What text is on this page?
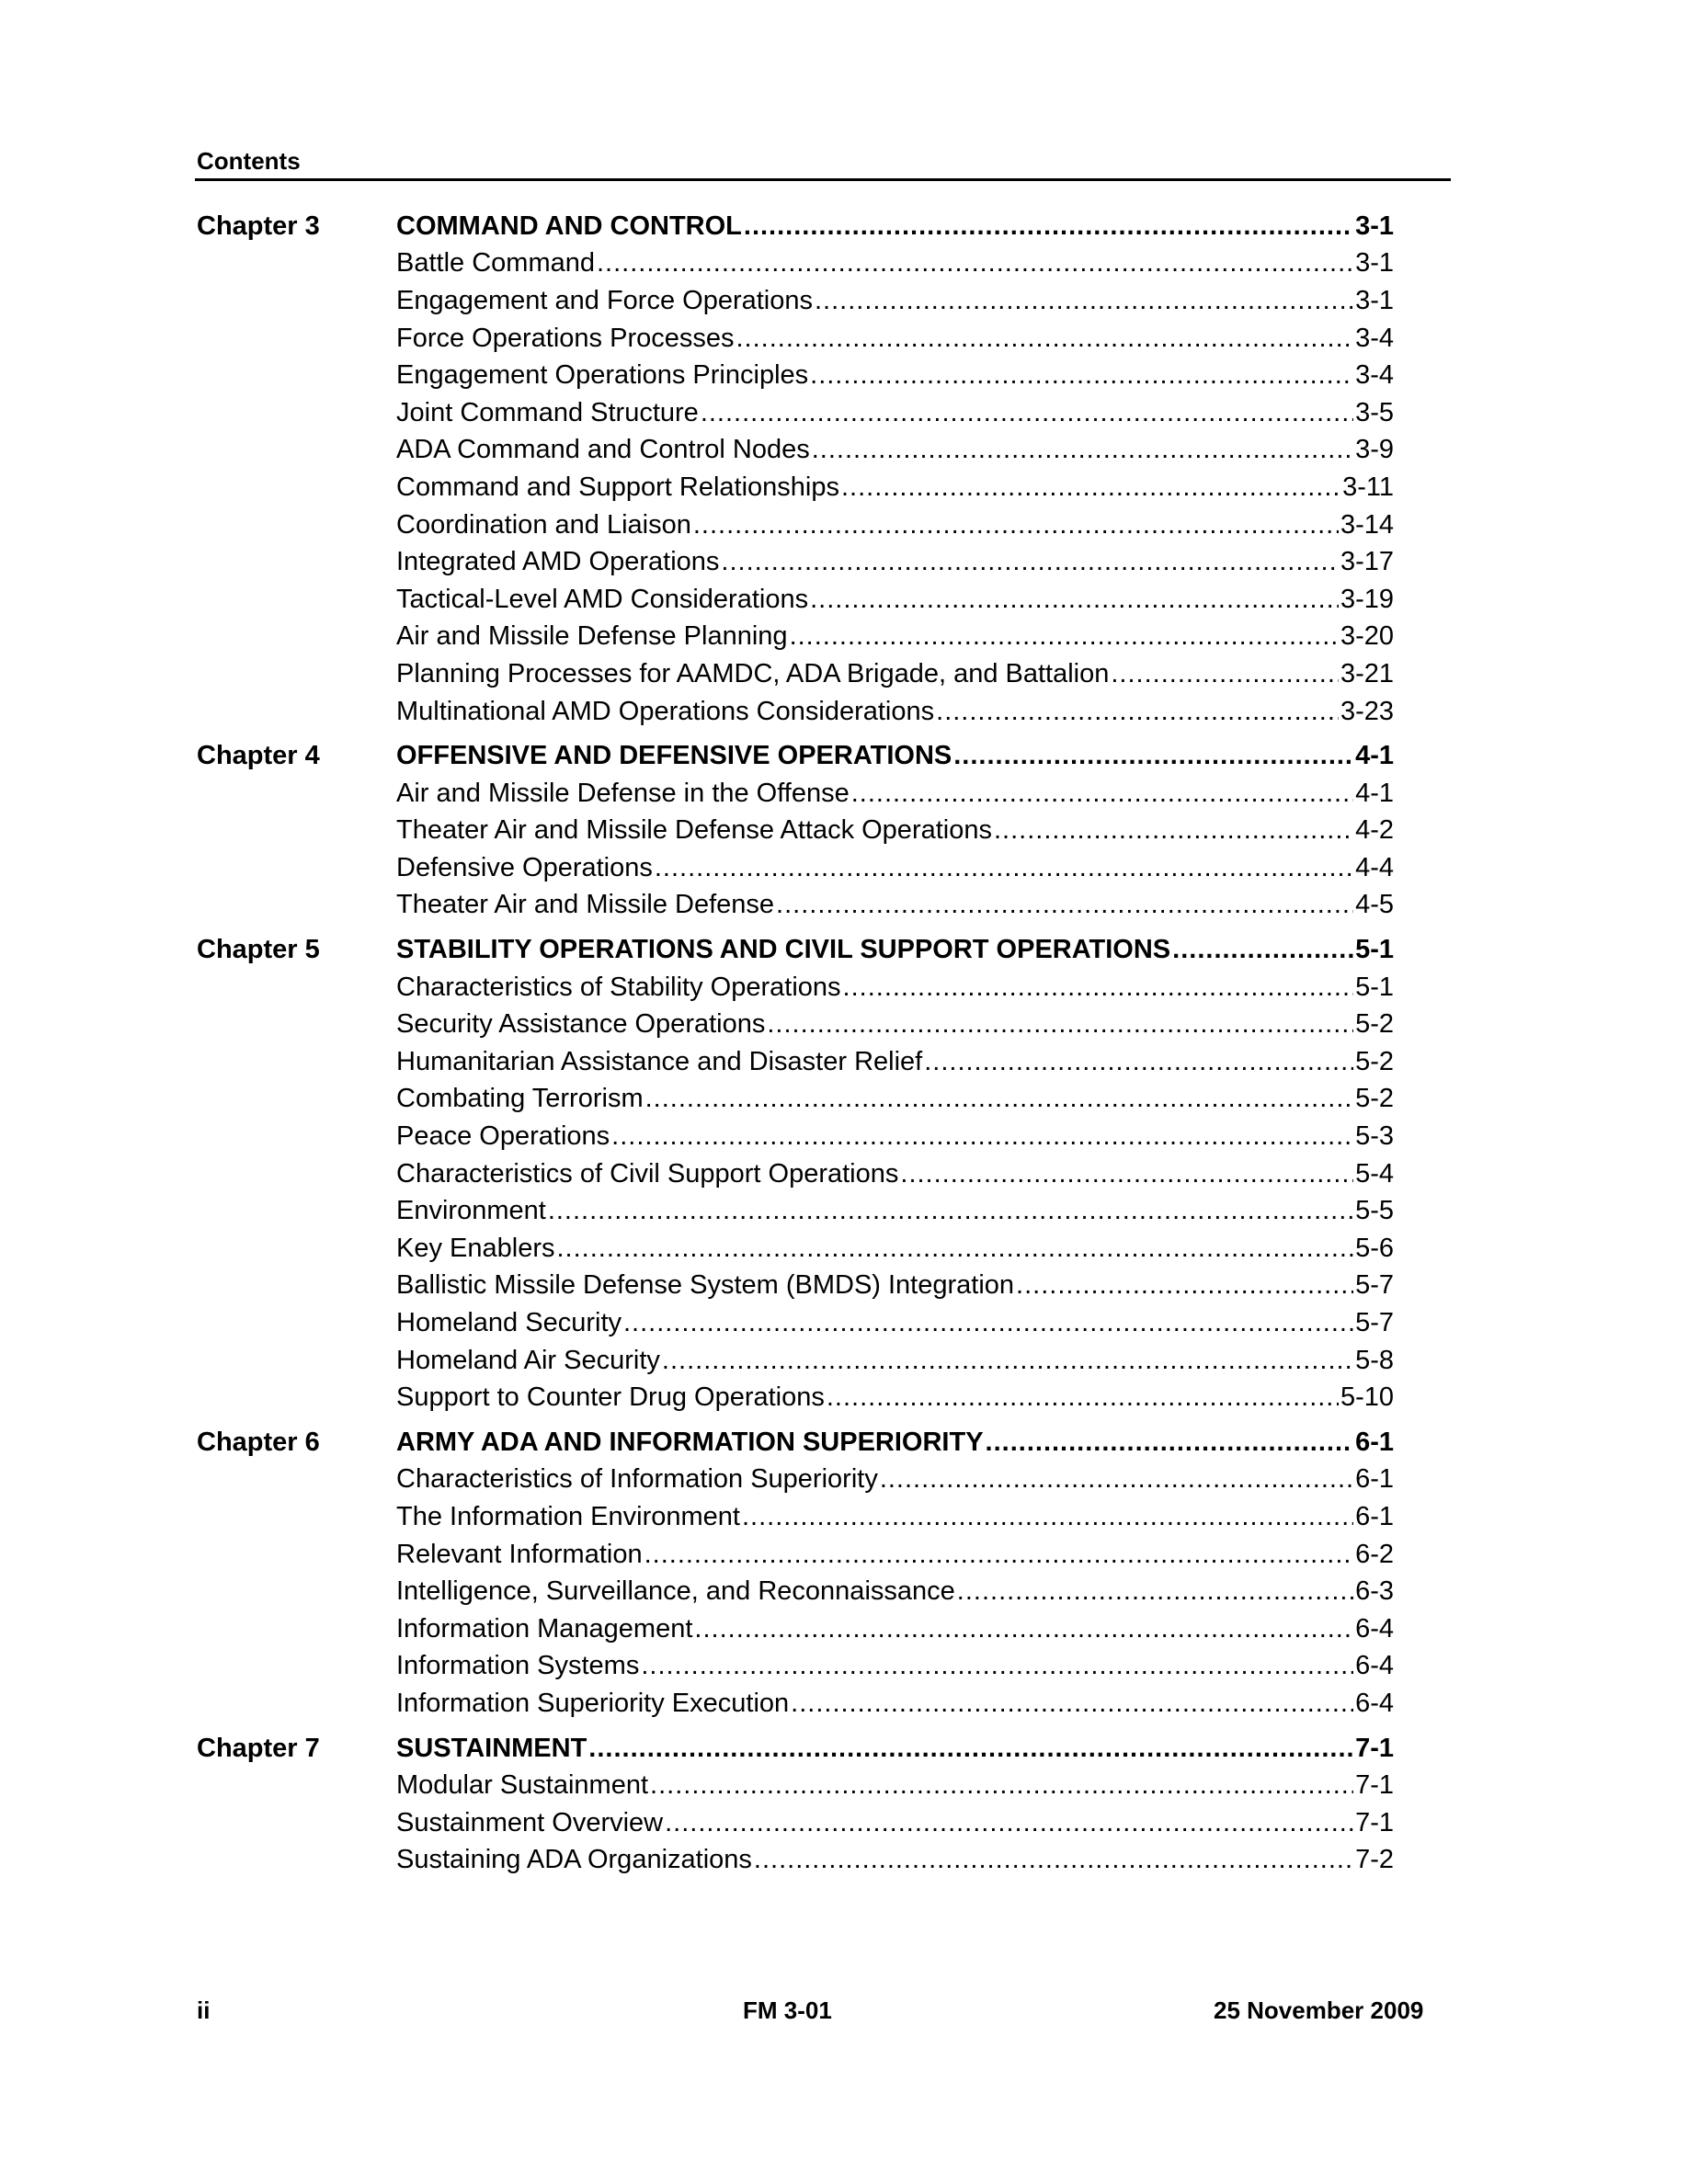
Contents
Chapter 3	COMMAND AND CONTROL .....	3-1
Battle Command .....	3-1
Engagement and Force Operations .....	3-1
Force Operations Processes .....	3-4
Engagement Operations Principles .....	3-4
Joint Command Structure .....	3-5
ADA Command and Control Nodes .....	3-9
Command and Support Relationships .....	3-11
Coordination and Liaison .....	3-14
Integrated AMD Operations .....	3-17
Tactical-Level AMD Considerations .....	3-19
Air and Missile Defense Planning .....	3-20
Planning Processes for AAMDC, ADA Brigade, and Battalion .....	3-21
Multinational AMD Operations Considerations .....	3-23
Chapter 4	OFFENSIVE AND DEFENSIVE OPERATIONS .....	4-1
Air and Missile Defense in the Offense .....	4-1
Theater Air and Missile Defense Attack Operations .....	4-2
Defensive Operations .....	4-4
Theater Air and Missile Defense .....	4-5
Chapter 5	STABILITY OPERATIONS AND CIVIL SUPPORT OPERATIONS .....	5-1
Characteristics of Stability Operations .....	5-1
Security Assistance Operations .....	5-2
Humanitarian Assistance and Disaster Relief .....	5-2
Combating Terrorism .....	5-2
Peace Operations .....	5-3
Characteristics of Civil Support Operations .....	5-4
Environment .....	5-5
Key Enablers .....	5-6
Ballistic Missile Defense System (BMDS) Integration .....	5-7
Homeland Security .....	5-7
Homeland Air Security .....	5-8
Support to Counter Drug Operations .....	5-10
Chapter 6	ARMY ADA AND INFORMATION SUPERIORITY .....	6-1
Characteristics of Information Superiority .....	6-1
The Information Environment .....	6-1
Relevant Information .....	6-2
Intelligence, Surveillance, and Reconnaissance .....	6-3
Information Management .....	6-4
Information Systems .....	6-4
Information Superiority Execution .....	6-4
Chapter 7	SUSTAINMENT .....	7-1
Modular Sustainment .....	7-1
Sustainment Overview .....	7-1
Sustaining ADA Organizations .....	7-2
ii	FM 3-01	25 November 2009
